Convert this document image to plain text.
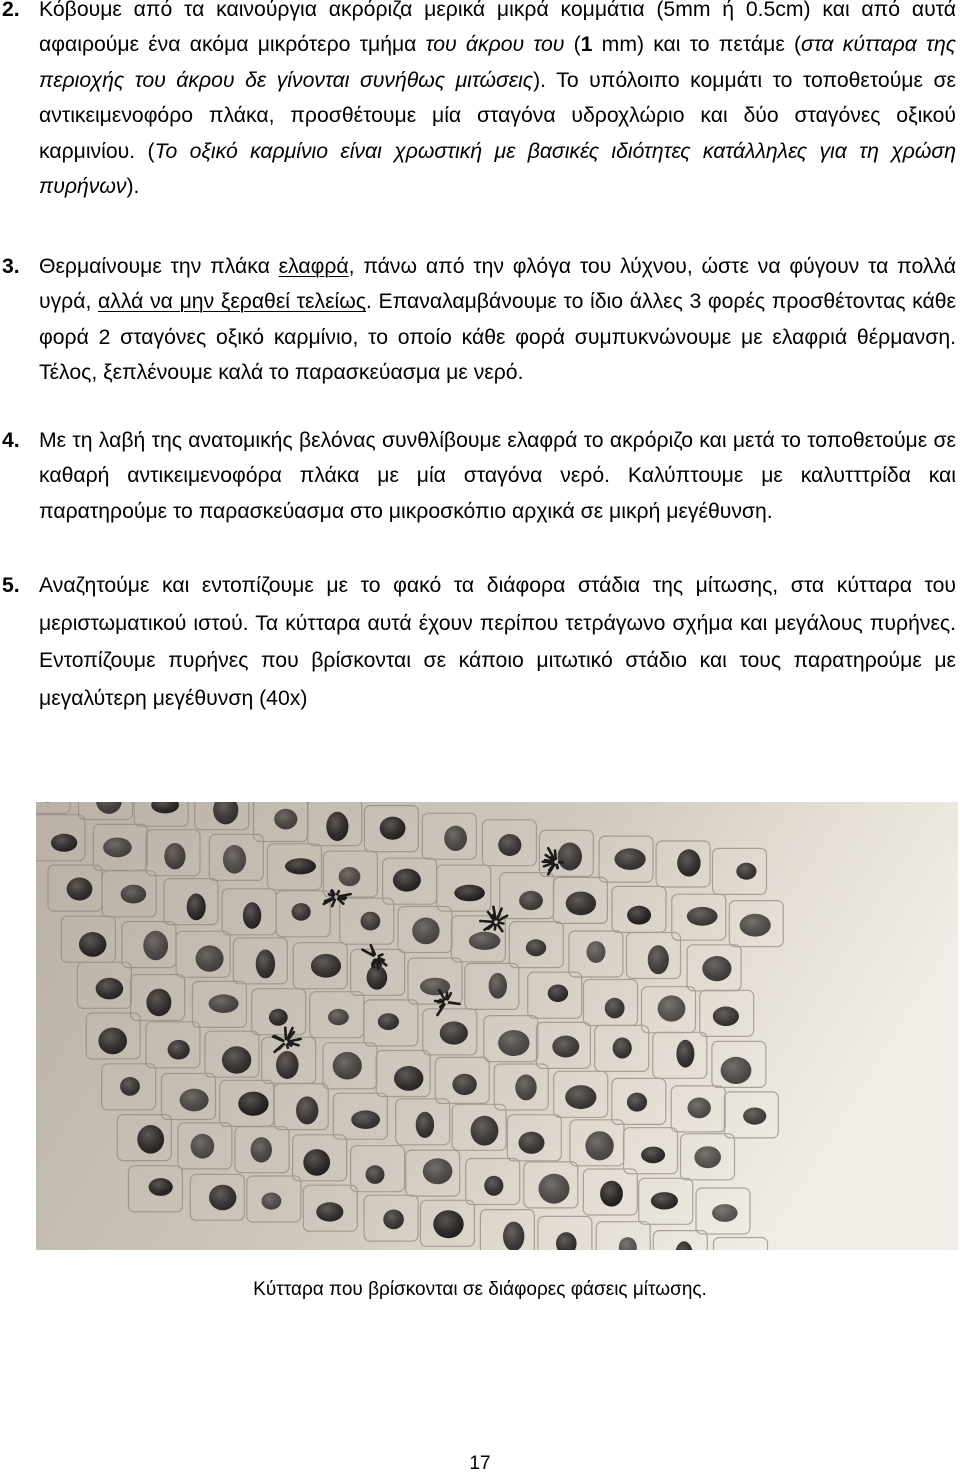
2. Κόβουμε από τα καινούργια ακρόριζα μερικά μικρά κομμάτια (5mm ή 0.5cm) και από αυτά αφαιρούμε ένα ακόμα μικρότερο τμήμα του άκρου του (1 mm) και το πετάμε (στα κύτταρα της περιοχής του άκρου δε γίνονται συνήθως μιτώσεις). Το υπόλοιπο κομμάτι το τοποθετούμε σε αντικειμενοφόρο πλάκα, προσθέτουμε μία σταγόνα υδροχλώριο και δύο σταγόνες οξικού καρμινίου. (Το οξικό καρμίνιο είναι χρωστική με βασικές ιδιότητες κατάλληλες για τη χρώση πυρήνων).
3. Θερμαίνουμε την πλάκα ελαφρά, πάνω από την φλόγα του λύχνου, ώστε να φύγουν τα πολλά υγρά, αλλά να μην ξεραθεί τελείως. Επαναλαμβάνουμε το ίδιο άλλες 3 φορές προσθέτοντας κάθε φορά 2 σταγόνες οξικό καρμίνιο, το οποίο κάθε φορά συμπυκνώνουμε με ελαφριά θέρμανση. Τέλος, ξεπλένουμε καλά το παρασκεύασμα με νερό.
4. Με τη λαβή της ανατομικής βελόνας συνθλίβουμε ελαφρά το ακρόριζο και μετά το τοποθετούμε σε καθαρή αντικειμενοφόρα πλάκα με μία σταγόνα νερό. Καλύπτουμε με καλυτττρίδα και παρατηρούμε το παρασκεύασμα στο μικροσκόπιο αρχικά σε μικρή μεγέθυνση.
5. Αναζητούμε και εντοπίζουμε με το φακό τα διάφορα στάδια της μίτωσης, στα κύτταρα του μεριστωματικού ιστού. Τα κύτταρα αυτά έχουν περίπου τετράγωνο σχήμα και μεγάλους πυρήνες. Εντοπίζουμε πυρήνες που βρίσκονται σε κάποιο μιτωτικό στάδιο και τους παρατηρούμε με μεγαλύτερη μεγέθυνση (40x)
Κύτταρα που βρίσκονται σε διάφορες φάσεις μίτωσης.
17
